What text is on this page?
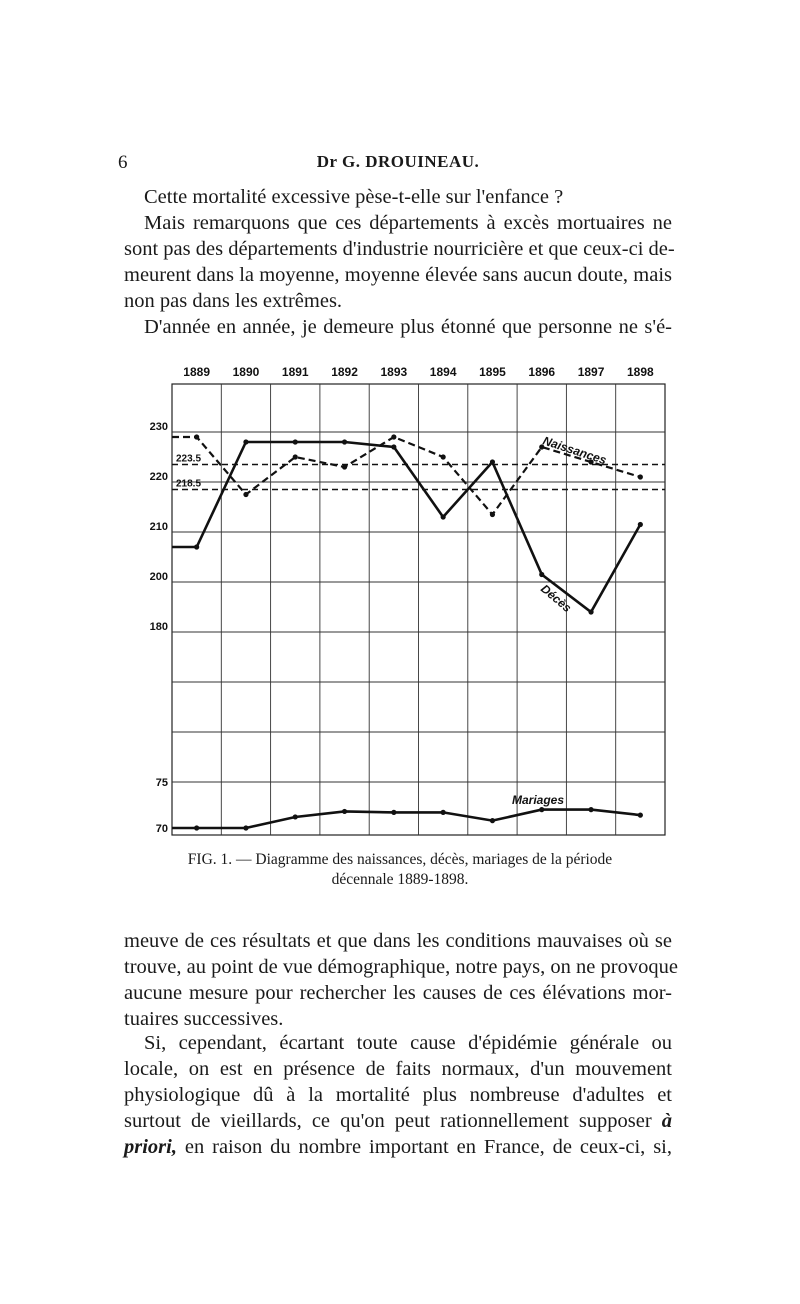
6	Dr G. DROUINEAU.
Cette mortalité excessive pèse-t-elle sur l'enfance ?
Mais remarquons que ces départements à excès mortuaires ne
sont pas des départements d'industrie nourricière et que ceux-ci de-
meurent dans la moyenne, moyenne élevée sans aucun doute, mais
non pas dans les extrêmes.
D'année en année, je demeure plus étonné que personne ne s'é-
1889 1890 1891 1892 1893 1894 1895 1896 1897 1898
230
220
210
200
180
75
70
223.5
218.5
Naissances
Décès
Mariages
FIG. 1. — Diagramme des naissances, décès, mariages de la période
décennale 1889-1898.
meuve de ces résultats et que dans les conditions mauvaises où se
trouve, au point de vue démographique, notre pays, on ne provoque
aucune mesure pour rechercher les causes de ces élévations mor-
tuaires successives.
Si, cependant, écartant toute cause d'épidémie générale ou
locale, on est en présence de faits normaux, d'un mouvement
physiologique dû à la mortalité plus nombreuse d'adultes et
surtout de vieillards, ce qu'on peut rationnellement supposer à
priori, en raison du nombre important en France, de ceux-ci, si,
